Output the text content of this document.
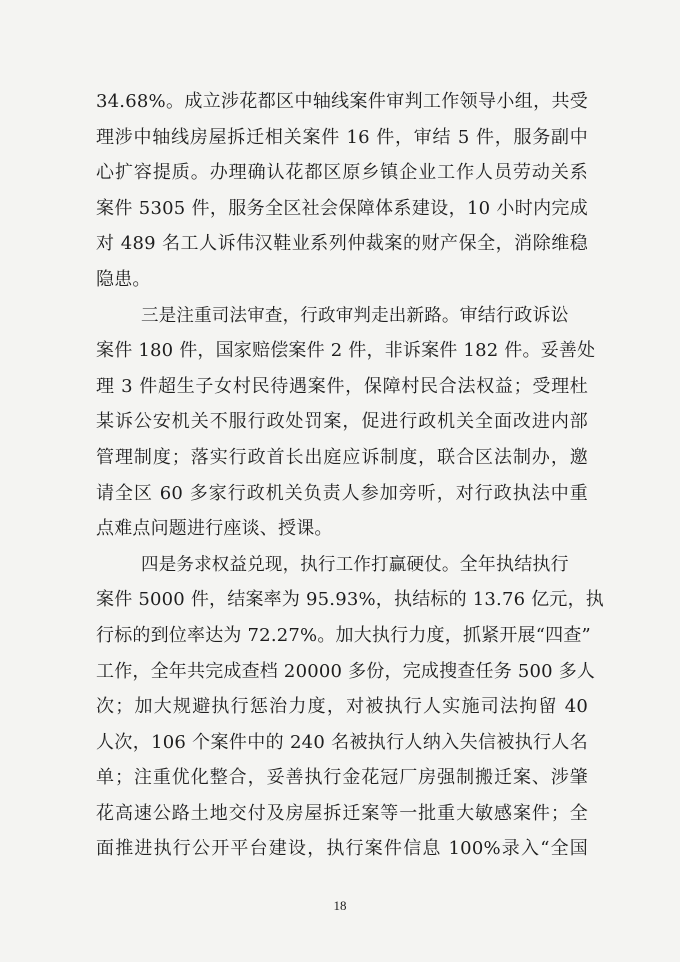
34.68%。成立涉花都区中轴线案件审判工作领导小组，共受
理涉中轴线房屋拆迁相关案件 16 件，审结 5 件，服务副中
心扩容提质。办理确认花都区原乡镇企业工作人员劳动关系
案件 5305 件，服务全区社会保障体系建设，10 小时内完成
对 489 名工人诉伟汉鞋业系列仲裁案的财产保全，消除维稳
隐患。
三是注重司法审查，行政审判走出新路。审结行政诉讼
案件 180 件，国家赔偿案件 2 件，非诉案件 182 件。妥善处
理 3 件超生子女村民待遇案件，保障村民合法权益；受理杜
某诉公安机关不服行政处罚案，促进行政机关全面改进内部
管理制度；落实行政首长出庭应诉制度，联合区法制办，邀
请全区 60 多家行政机关负责人参加旁听，对行政执法中重
点难点问题进行座谈、授课。
四是务求权益兑现，执行工作打赢硬仗。全年执结执行
案件 5000 件，结案率为 95.93%，执结标的 13.76 亿元，执
行标的到位率达为 72.27%。加大执行力度，抓紧开展“四查”
工作，全年共完成查档 20000 多份，完成搜查任务 500 多人
次；加大规避执行惩治力度，对被执行人实施司法拘留 40
人次，106 个案件中的 240 名被执行人纳入失信被执行人名
单；注重优化整合，妥善执行金花冠厂房强制搬迁案、涉肇
花高速公路土地交付及房屋拆迁案等一批重大敏感案件；全
面推进执行公开平台建设，执行案件信息 100%录入“全国
18
